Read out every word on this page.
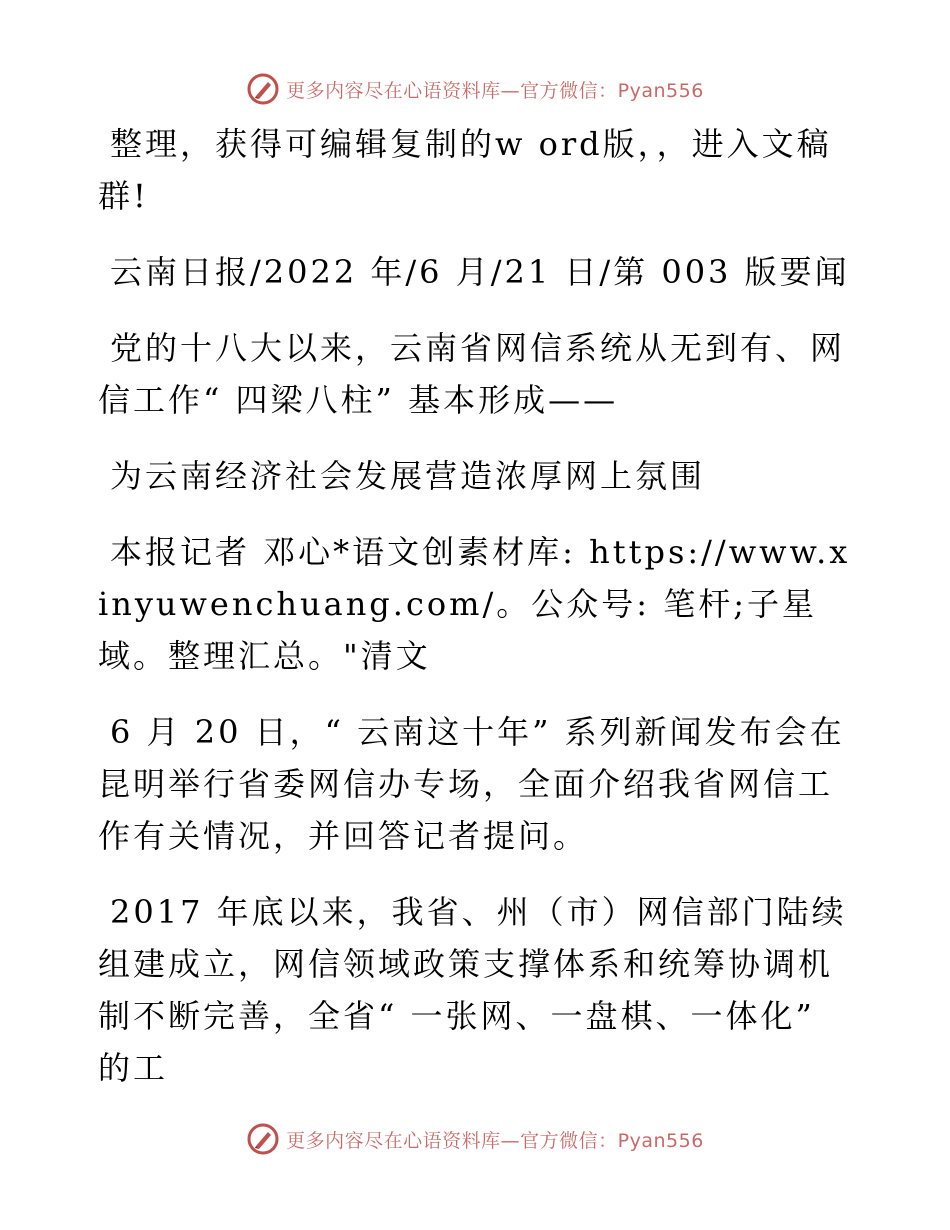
更多内容尽在心语资料库—官方微信：Pyan556

整理，获得可编辑复制的w ord版，，进入文稿群!

云南日报/2022 年/6 月/21 日/第 003 版要闻

党的十八大以来，云南省网信系统从无到有、网信工作“ 四梁八柱” 基本形成——

为云南经济社会发展营造浓厚网上氛围

本报记者 邓心*语文创素材库: https://www.xinyuwenchuang.com/。公众号: 笔杆;子星域。整理汇总。"清文

6 月 20 日，“ 云南这十年” 系列新闻发布会在昆明举行省委网信办专场，全面介绍我省网信工作有关情况，并回答记者提问。

2017 年底以来，我省、州（市）网信部门陆续组建成立，网信领域政策支撑体系和统筹协调机制不断完善，全省“ 一张网、一盘棋、一体化” 的工

更多内容尽在心语资料库—官方微信：Pyan556
